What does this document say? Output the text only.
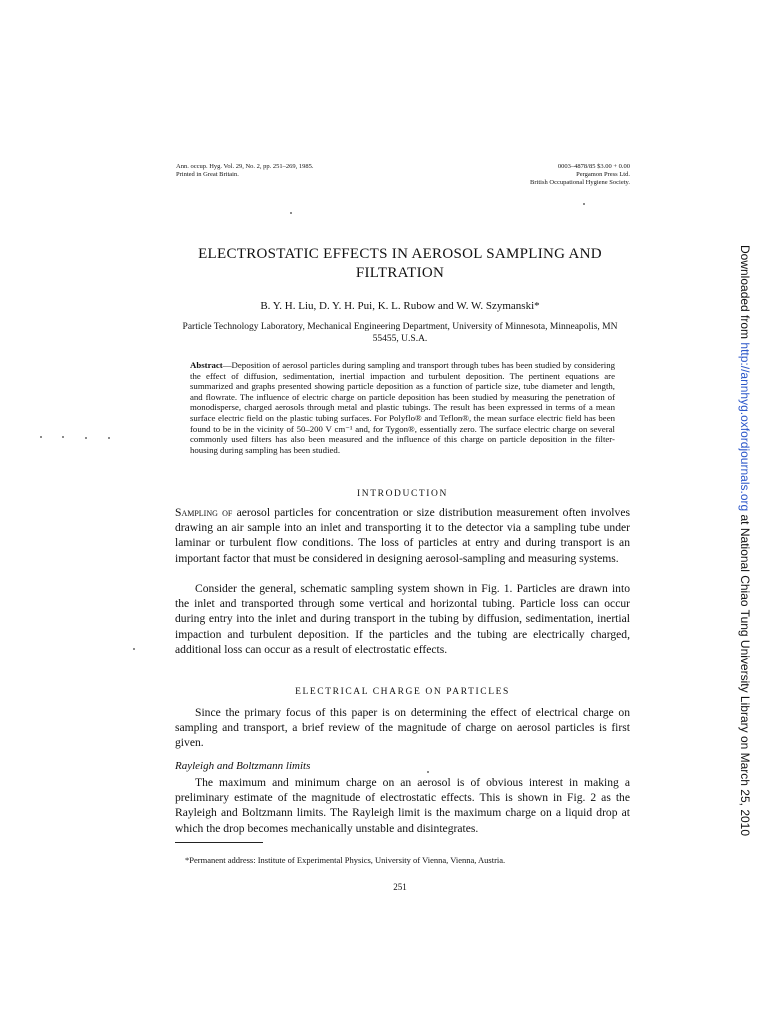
Ann. occup. Hyg. Vol. 29, No. 2, pp. 251–269, 1985.
Printed in Great Britain.
0003–4878/85 $3.00 + 0.00
Pergamon Press Ltd.
British Occupational Hygiene Society.
ELECTROSTATIC EFFECTS IN AEROSOL SAMPLING AND FILTRATION
B. Y. H. Liu, D. Y. H. Pui, K. L. Rubow and W. W. Szymanski*
Particle Technology Laboratory, Mechanical Engineering Department, University of Minnesota, Minneapolis, MN 55455, U.S.A.
Abstract—Deposition of aerosol particles during sampling and transport through tubes has been studied by considering the effect of diffusion, sedimentation, inertial impaction and turbulent deposition. The pertinent equations are summarized and graphs presented showing particle deposition as a function of particle size, tube diameter and length, and flowrate. The influence of electric charge on particle deposition has been studied by measuring the penetration of monodisperse, charged aerosols through metal and plastic tubings. The result has been expressed in terms of a mean surface electric field on the plastic tubing surfaces. For Polyflo® and Teflon®, the mean surface electric field has been found to be in the vicinity of 50–200 V cm⁻¹ and, for Tygon®, essentially zero. The surface electric charge on several commonly used filters has also been measured and the influence of this charge on particle deposition in the filter-housing during sampling has been studied.
INTRODUCTION
Sampling of aerosol particles for concentration or size distribution measurement often involves drawing an air sample into an inlet and transporting it to the detector via a sampling tube under laminar or turbulent flow conditions. The loss of particles at entry and during transport is an important factor that must be considered in designing aerosol-sampling and measuring systems.
Consider the general, schematic sampling system shown in Fig. 1. Particles are drawn into the inlet and transported through some vertical and horizontal tubing. Particle loss can occur during entry into the inlet and during transport in the tubing by diffusion, sedimentation, inertial impaction and turbulent deposition. If the particles and the tubing are electrically charged, additional loss can occur as a result of electrostatic effects.
ELECTRICAL CHARGE ON PARTICLES
Since the primary focus of this paper is on determining the effect of electrical charge on sampling and transport, a brief review of the magnitude of charge on aerosol particles is first given.
Rayleigh and Boltzmann limits
The maximum and minimum charge on an aerosol is of obvious interest in making a preliminary estimate of the magnitude of electrostatic effects. This is shown in Fig. 2 as the Rayleigh and Boltzmann limits. The Rayleigh limit is the maximum charge on a liquid drop at which the drop becomes mechanically unstable and disintegrates.
*Permanent address: Institute of Experimental Physics, University of Vienna, Vienna, Austria.
251
Downloaded from http://annhyg.oxfordjournals.org at National Chiao Tung University Library on March 25, 2010
